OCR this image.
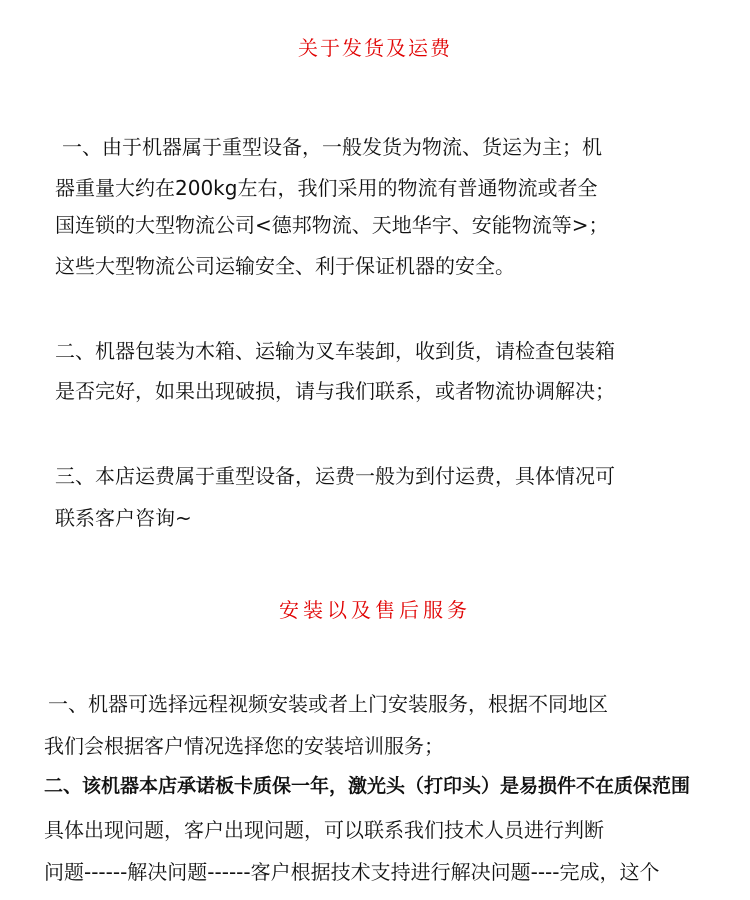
关于发货及运费

一、由于机器属于重型设备，一般发货为物流、货运为主；机

器重量大约在200kg左右，我们采用的物流有普通物流或者全

国连锁的大型物流公司<德邦物流、天地华宇、安能物流等>；

这些大型物流公司运输安全、利于保证机器的安全。

二、机器包装为木箱、运输为叉车装卸，收到货，请检查包装箱

是否完好，如果出现破损，请与我们联系，或者物流协调解决；

三、本店运费属于重型设备，运费一般为到付运费，具体情况可

联系客户咨询~

安装以及售后服务

一、机器可选择远程视频安装或者上门安装服务，根据不同地区

我们会根据客户情况选择您的安装培训服务；

二、该机器本店承诺板卡质保一年，激光头（打印头）是易损件不在质保范围

具体出现问题，客户出现问题，可以联系我们技术人员进行判断

问题------解决问题------客户根据技术支持进行解决问题----完成，这个
